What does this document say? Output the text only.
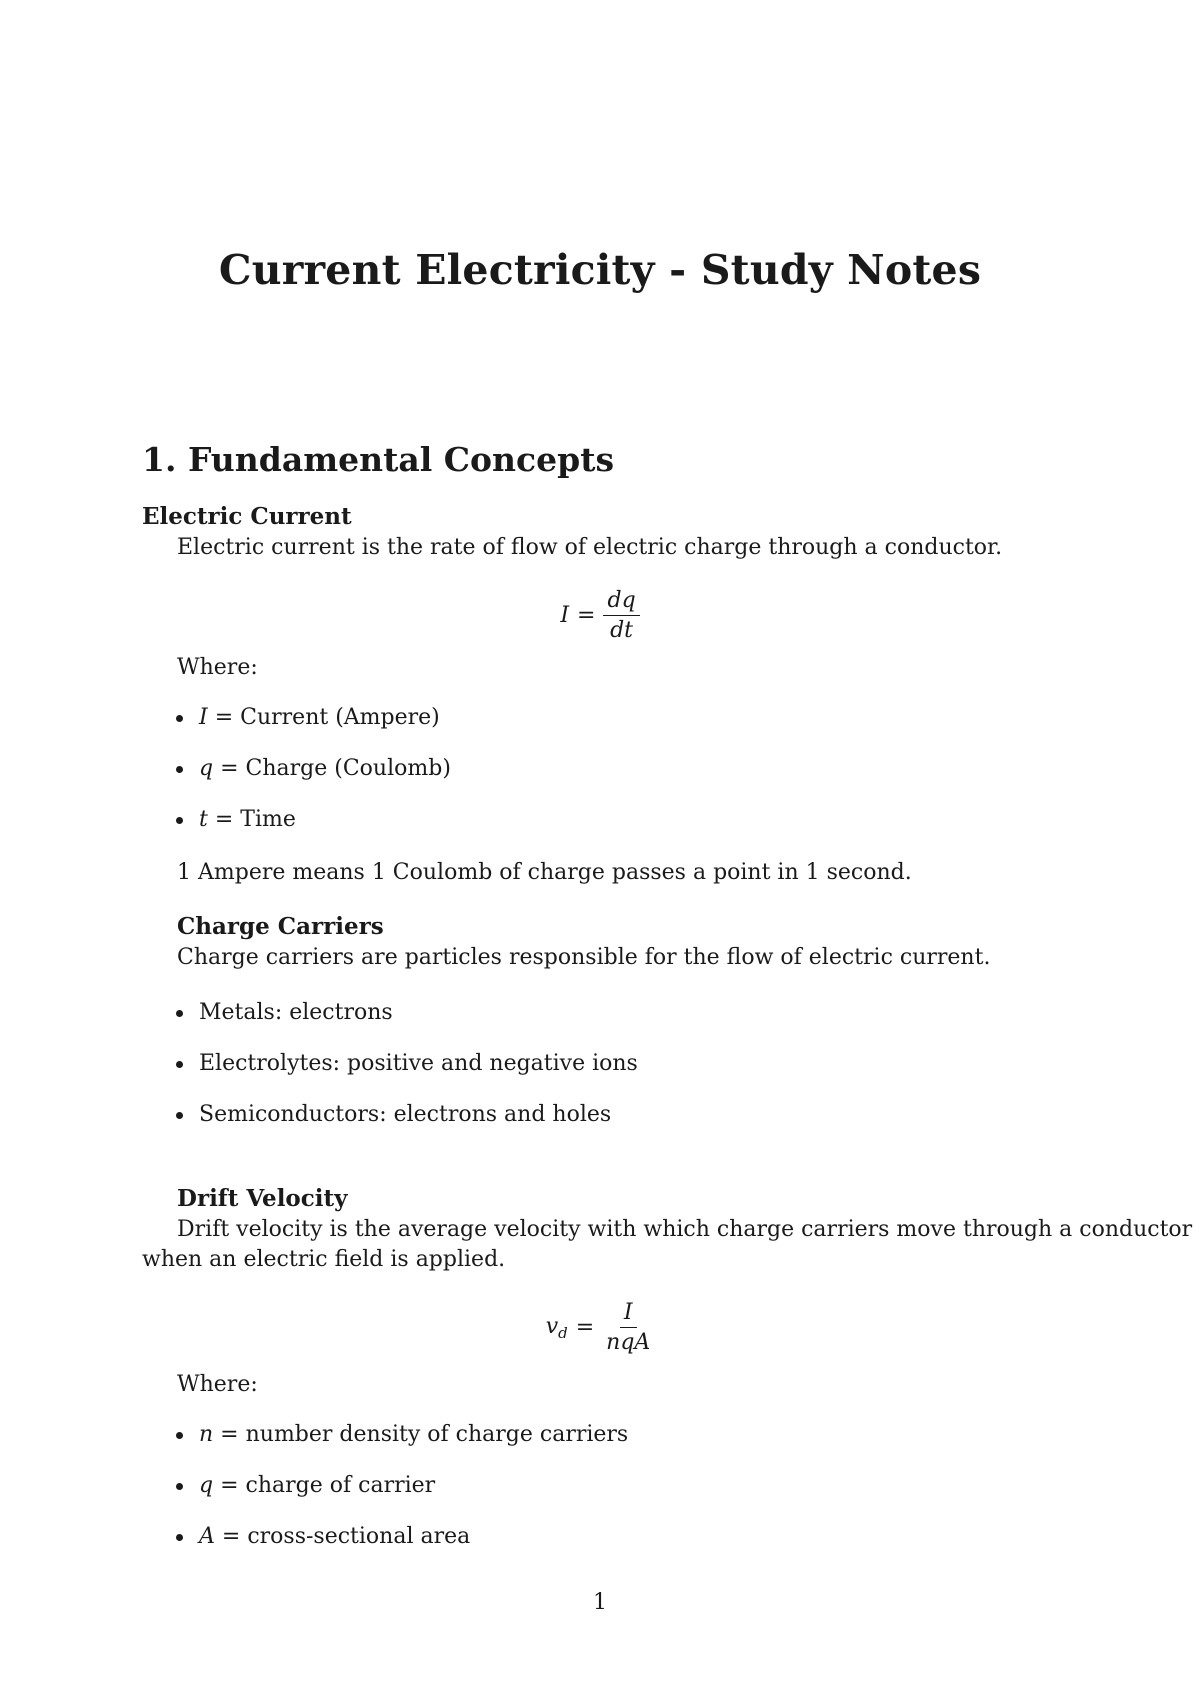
Current Electricity - Study Notes
1. Fundamental Concepts
Electric Current

Electric current is the rate of flow of electric charge through a conductor.

$I = \frac{dq}{dt}$

Where:

I = Current (Ampere)
q = Charge (Coulomb)
t = Time

1 Ampere means 1 Coulomb of charge passes a point in 1 second.

Charge Carriers

Charge carriers are particles responsible for the flow of electric current.

Metals: electrons
Electrolytes: positive and negative ions
Semiconductors: electrons and holes
Drift Velocity

Drift velocity is the average velocity with which charge carriers move through a conductor

when an electric field is applied.

$v_d = \frac{I}{\text{nqA}}$

Where:

n = number density of charge carriers
q = charge of carrier
A = cross-sectional area
1
